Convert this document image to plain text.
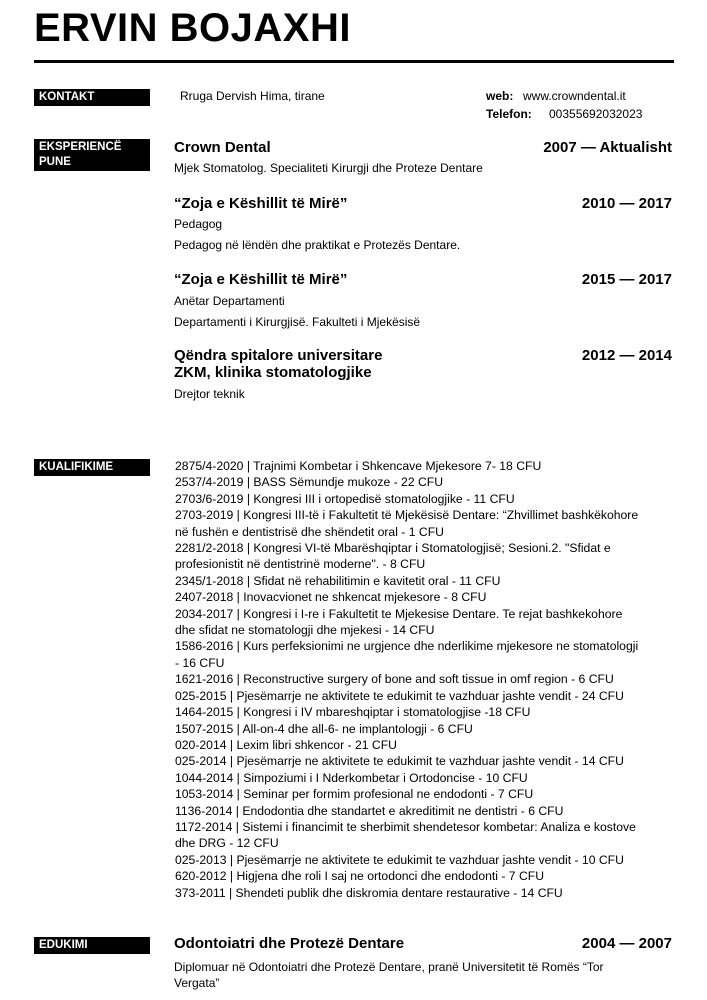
ERVIN BOJAXHI
KONTAKT	Rruga Dervish Hima, tirane	web: www.crowndental.it
Telefon: 00355692032023
EKSPERIENCË PUNE
Crown Dental	2007 — Aktualisht
Mjek Stomatolog. Specialiteti Kirurgji dhe Proteze Dentare
“Zoja e Këshillit të Mirë”	2010 — 2017
Pedagog
Pedagog në lëndën dhe praktikat e Protezës Dentare.
“Zoja e Këshillit të Mirë”	2015 — 2017
Anëtar Departamenti
Departamenti i Kirurgjisë. Fakulteti i Mjekësisë
Qëndra spitalore universitare
ZKM, klinika stomatologjike
2012 — 2014
Drejtor teknik
KUALIFIKIME	2875/4-2020 | Trajnimi Kombetar i Shkencave Mjekesore 7- 18 CFU
2537/4-2019 | BASS Sëmundje mukoze - 22 CFU
2703/6-2019 | Kongresi III i ortopedisë stomatologjike - 11 CFU
2703-2019 | Kongresi III-të i Fakultetit të Mjekësisë Dentare: “Zhvillimet bashkëkohore
në fushën e dentistrisë dhe shëndetit oral - 1 CFU
2281/2-2018 | Kongresi VI-të Mbarëshqiptar i Stomatologjisë; Sesioni.2. "Sfidat e
profesionistit në dentistrinë moderne". - 8 CFU
2345/1-2018 | Sfidat në rehabilitimin e kavitetit oral - 11 CFU
2407-2018 | Inovacvionet ne shkencat mjekesore - 8 CFU
2034-2017 | Kongresi i I-re i Fakultetit te Mjekesise Dentare. Te rejat bashkekohore
dhe sfidat ne stomatologji dhe mjekesi - 14 CFU
1586-2016 | Kurs perfeksionimi ne urgjence dhe nderlikime mjekesore ne stomatologji
- 16 CFU
1621-2016 | Reconstructive surgery of bone and soft tissue in omf region - 6 CFU
025-2015 | Pjesëmarrje ne aktivitete te edukimit te vazhduar jashte vendit - 24 CFU
1464-2015 | Kongresi i IV mbareshqiptar i stomatologjise -18 CFU
1507-2015 | All-on-4 dhe all-6- ne implantologji - 6 CFU
020-2014 | Lexim libri shkencor - 21 CFU
025-2014 | Pjesëmarrje ne aktivitete te edukimit te vazhduar jashte vendit - 14 CFU
1044-2014 | Simpoziumi i I Nderkombetar i Ortodoncise - 10 CFU
1053-2014 | Seminar per formim profesional ne endodonti - 7 CFU
1136-2014 | Endodontia dhe standartet e akreditimit ne dentistri - 6 CFU
1172-2014 | Sistemi i financimit te sherbimit shendetesor kombetar: Analiza e kostove
dhe DRG - 12 CFU
025-2013 | Pjesëmarrje ne aktivitete te edukimit te vazhduar jashte vendit - 10 CFU
620-2012 | Higjena dhe roli I saj ne ortodonci dhe endodonti - 7 CFU
373-2011 | Shendeti publik dhe diskromia dentare restaurative - 14 CFU
EDUKIMI	Odontoiatri dhe Protezë Dentare	2004 — 2007
Diplomuar në Odontoiatri dhe Protezë Dentare, pranë Universitetit të Romës “Tor
Vergata”
